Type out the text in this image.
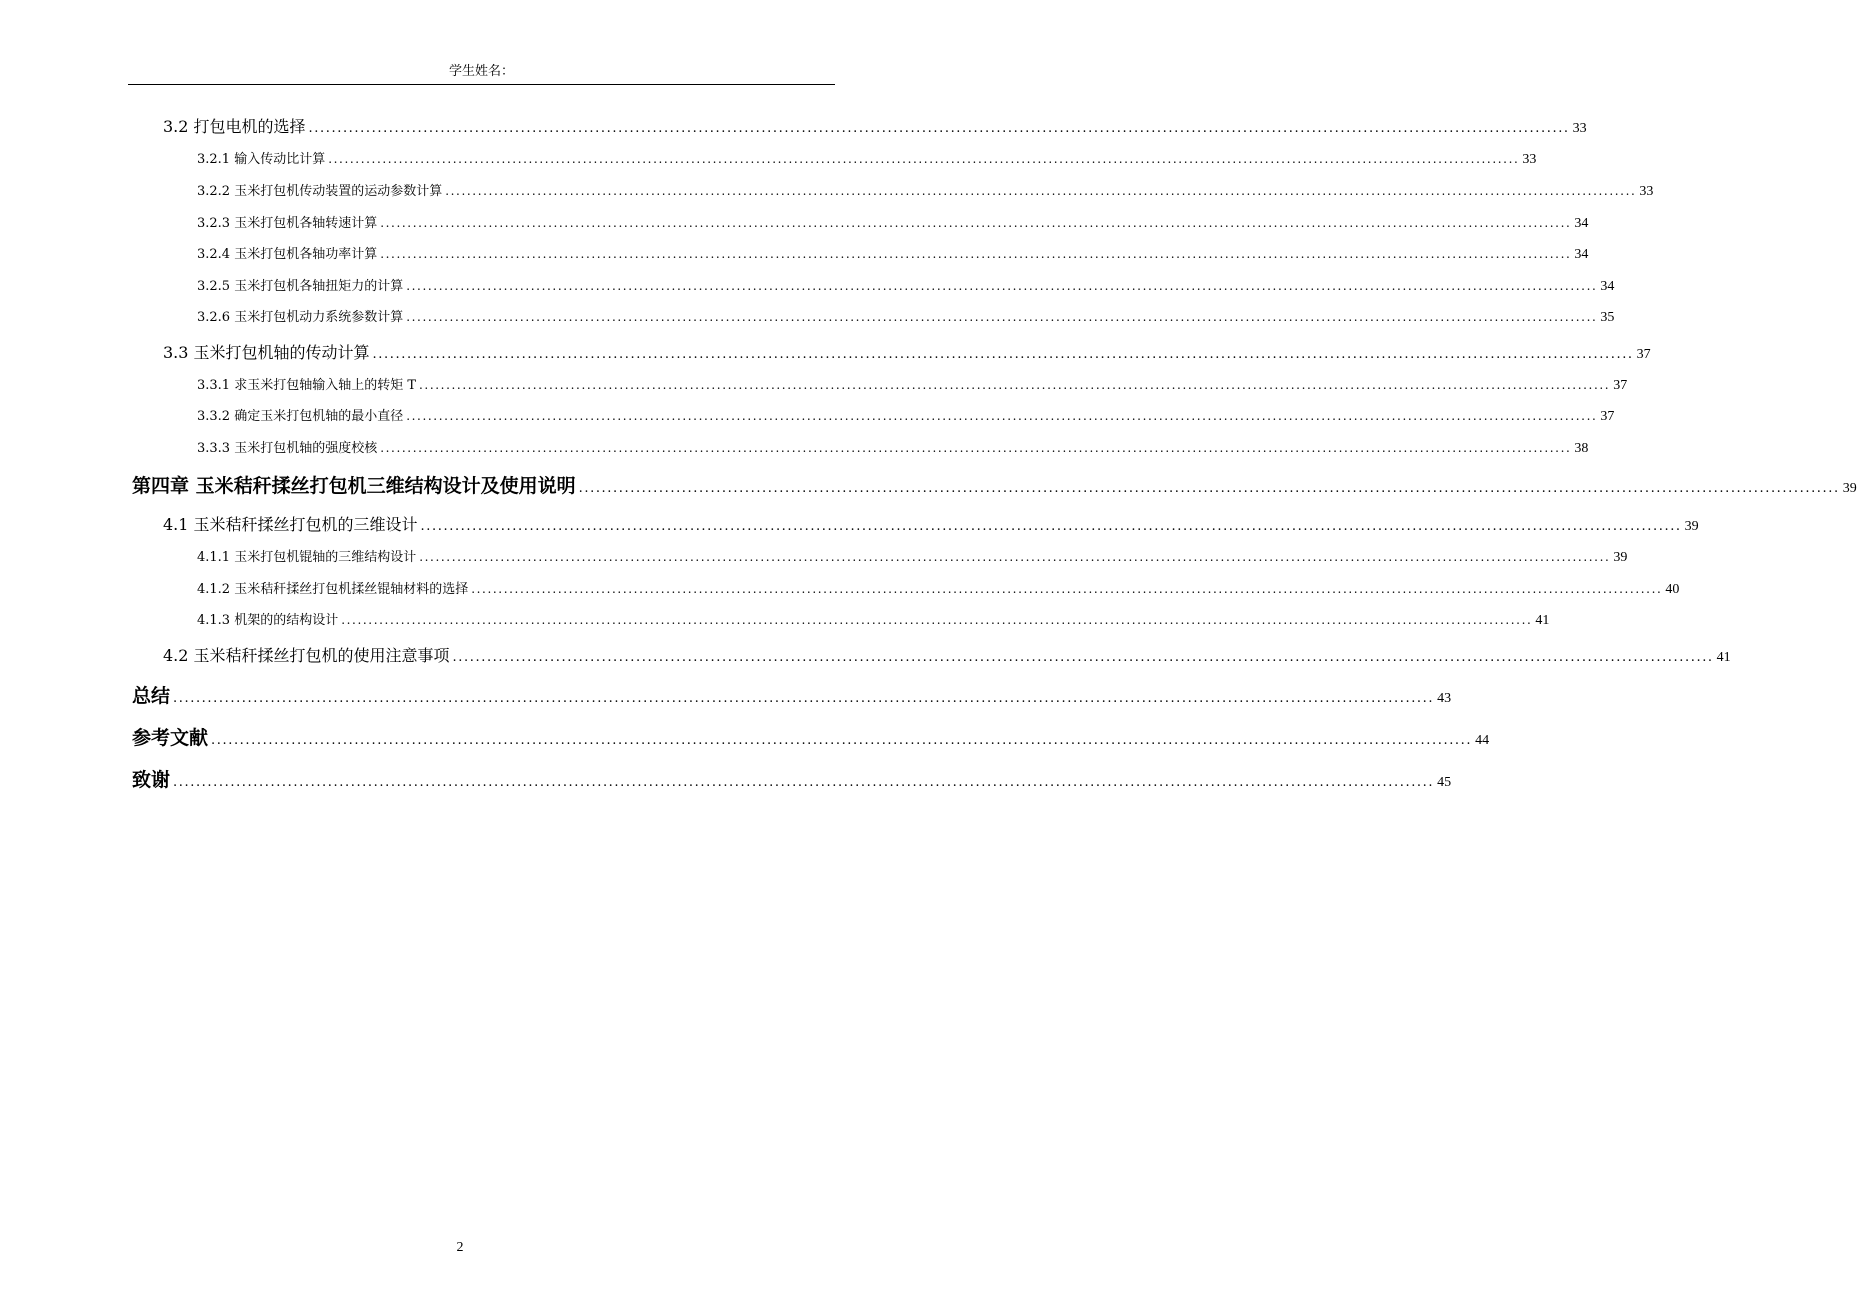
学生姓名：
3.2 打包电机的选择 ............................................................................................................................................................................................................................ 33
3.2.1 输入传动比计算 ............................................................................................................................................................................................................................ 33
3.2.2 玉米打包机传动装置的运动参数计算 ............................................................................................................................................................................................................................ 33
3.2.3 玉米打包机各轴转速计算 ............................................................................................................................................................................................................................ 34
3.2.4 玉米打包机各轴功率计算 ............................................................................................................................................................................................................................ 34
3.2.5 玉米打包机各轴扭矩力的计算 ............................................................................................................................................................................................................................ 34
3.2.6 玉米打包机动力系统参数计算 ............................................................................................................................................................................................................................ 35
3.3 玉米打包机轴的传动计算 ............................................................................................................................................................................................................................ 37
3.3.1 求玉米打包轴输入轴上的转矩 T ............................................................................................................................................................................................................................ 37
3.3.2 确定玉米打包机轴的最小直径 ............................................................................................................................................................................................................................ 37
3.3.3 玉米打包机轴的强度校核 ............................................................................................................................................................................................................................ 38
第四章 玉米秸秆揉丝打包机三维结构设计及使用说明 ............................................................................................................................................................................................................................ 39
4.1 玉米秸秆揉丝打包机的三维设计 ............................................................................................................................................................................................................................ 39
4.1.1 玉米打包机锟轴的三维结构设计 ............................................................................................................................................................................................................................ 39
4.1.2 玉米秸秆揉丝打包机揉丝锟轴材料的选择 ............................................................................................................................................................................................................................ 40
4.1.3 机架的的结构设计 ............................................................................................................................................................................................................................ 41
4.2 玉米秸秆揉丝打包机的使用注意事项 ............................................................................................................................................................................................................................ 41
总结 ............................................................................................................................................................................................................................ 43
参考文献 ............................................................................................................................................................................................................................ 44
致谢 ............................................................................................................................................................................................................................ 45
2
